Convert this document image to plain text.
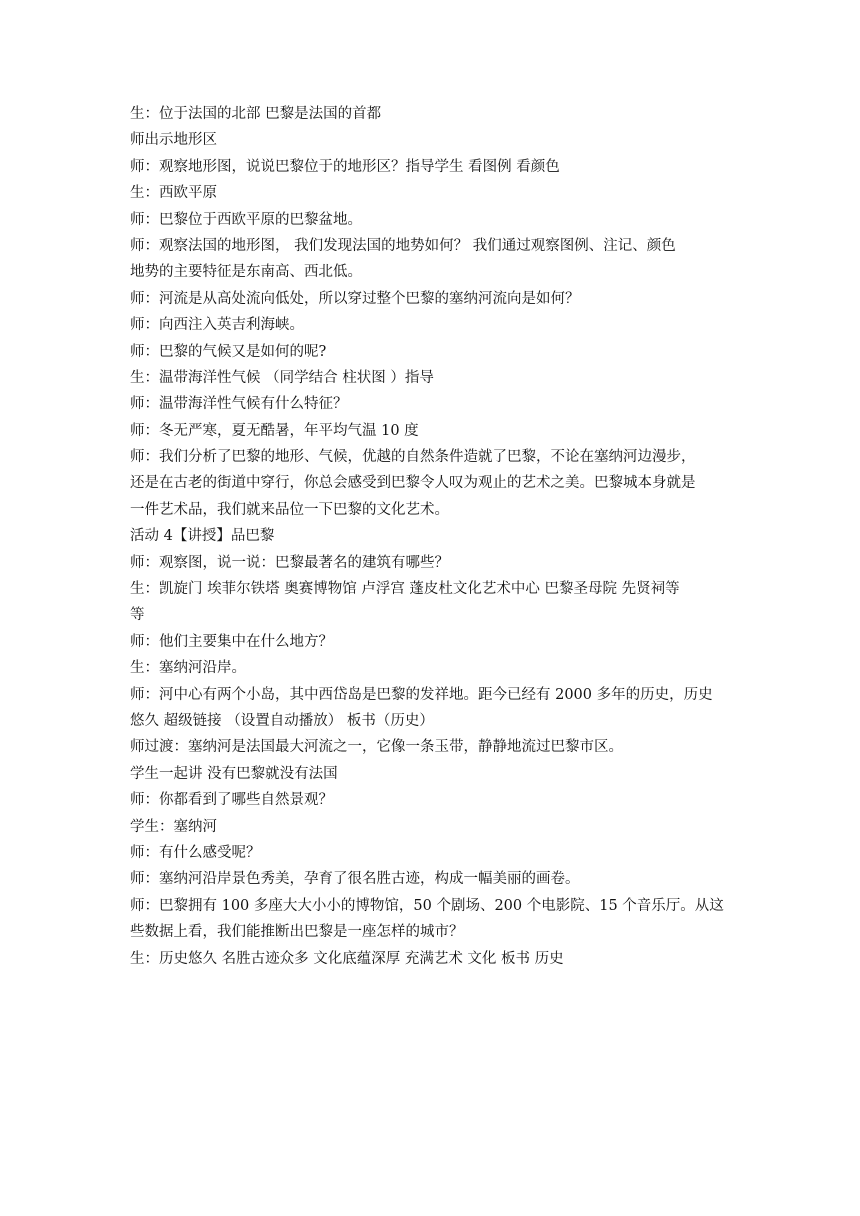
生：位于法国的北部 巴黎是法国的首都
师出示地形区
师：观察地形图，说说巴黎位于的地形区？指导学生 看图例 看颜色
生：西欧平原
师：巴黎位于西欧平原的巴黎盆地。
师：观察法国的地形图， 我们发现法国的地势如何？ 我们通过观察图例、注记、颜色
地势的主要特征是东南高、西北低。
师：河流是从高处流向低处，所以穿过整个巴黎的塞纳河流向是如何？
师：向西注入英吉利海峡。
师：巴黎的气候又是如何的呢?
生：温带海洋性气候 （同学结合 柱状图 ）指导
师：温带海洋性气候有什么特征？
师：冬无严寒，夏无酷暑，年平均气温 10 度
师：我们分析了巴黎的地形、气候，优越的自然条件造就了巴黎，不论在塞纳河边漫步，
还是在古老的街道中穿行，你总会感受到巴黎令人叹为观止的艺术之美。巴黎城本身就是
一件艺术品，我们就来品位一下巴黎的文化艺术。
活动 4【讲授】品巴黎
师：观察图，说一说：巴黎最著名的建筑有哪些？
生：凯旋门 埃菲尔铁塔 奥赛博物馆 卢浮宫 蓬皮杜文化艺术中心 巴黎圣母院 先贤祠等
等
师：他们主要集中在什么地方？
生：塞纳河沿岸。
师：河中心有两个小岛，其中西岱岛是巴黎的发祥地。距今已经有 2000 多年的历史，历史
悠久 超级链接 （设置自动播放） 板书（历史）
师过渡：塞纳河是法国最大河流之一，它像一条玉带，静静地流过巴黎市区。
学生一起讲 没有巴黎就没有法国
师：你都看到了哪些自然景观？
学生：塞纳河
师：有什么感受呢？
师：塞纳河沿岸景色秀美，孕育了很名胜古迹，构成一幅美丽的画卷。
师：巴黎拥有 100 多座大大小小的博物馆，50 个剧场、200 个电影院、15 个音乐厅。从这
些数据上看，我们能推断出巴黎是一座怎样的城市？
生：历史悠久 名胜古迹众多 文化底蕴深厚 充满艺术 文化 板书 历史
